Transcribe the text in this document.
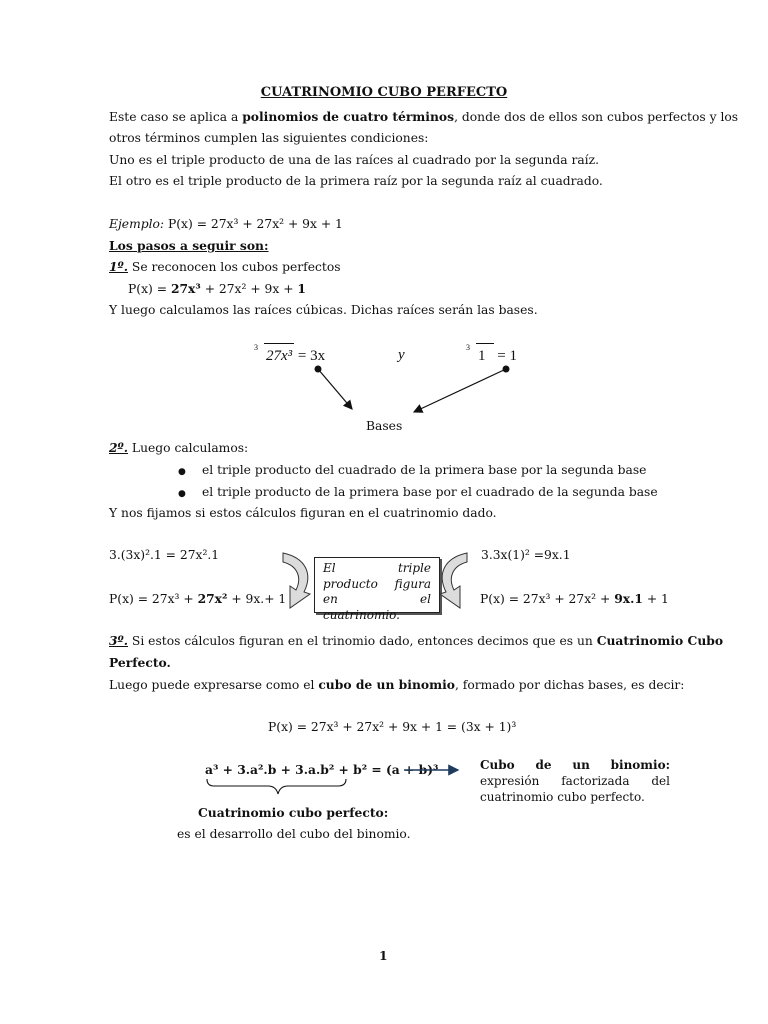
CUATRINOMIO CUBO PERFECTO
Este caso se aplica a polinomios de cuatro términos, donde dos de ellos son cubos perfectos y los
otros términos cumplen las siguientes condiciones:
Uno es el triple producto de una de las raíces al cuadrado por la segunda raíz.
El otro es el triple producto de la primera raíz por la segunda raíz al cuadrado.
Ejemplo: P(x) = 27x³ + 27x² + 9x + 1
Los pasos a seguir son:
1º. Se reconocen los cubos perfectos
P(x) = 27x³ + 27x² + 9x + 1
Y luego calculamos las raíces cúbicas. Dichas raíces serán las bases.
$^3$27x³ = 3x	y	$^3$1 = 1
Bases
2º. Luego calculamos:
● el triple producto del cuadrado de la primera base por la segunda base
● el triple producto de la primera base por el cuadrado de la segunda base
Y nos fijamos si estos cálculos figuran en el cuatrinomio dado.
3.(3x)².1 = 27x².1
P(x) = 27x³ + 27x² + 9x.+ 1
El triple producto figura en el cuatrinomio.
3.3x(1)² =9x.1
P(x) = 27x³ + 27x² + 9x.1 + 1
3º. Si estos cálculos figuran en el trinomio dado, entonces decimos que es un Cuatrinomio Cubo
Perfecto.
Luego puede expresarse como el cubo de un binomio, formado por dichas bases, es decir:
P(x) = 27x³ + 27x² + 9x + 1 = (3x + 1)³
a³ + 3.a².b + 3.a.b² + b² = (a + b)³	Cubo de un binomio: expresión factorizada del cuatrinomio cubo perfecto.
Cuatrinomio cubo perfecto:
es el desarrollo del cubo del binomio.
1
